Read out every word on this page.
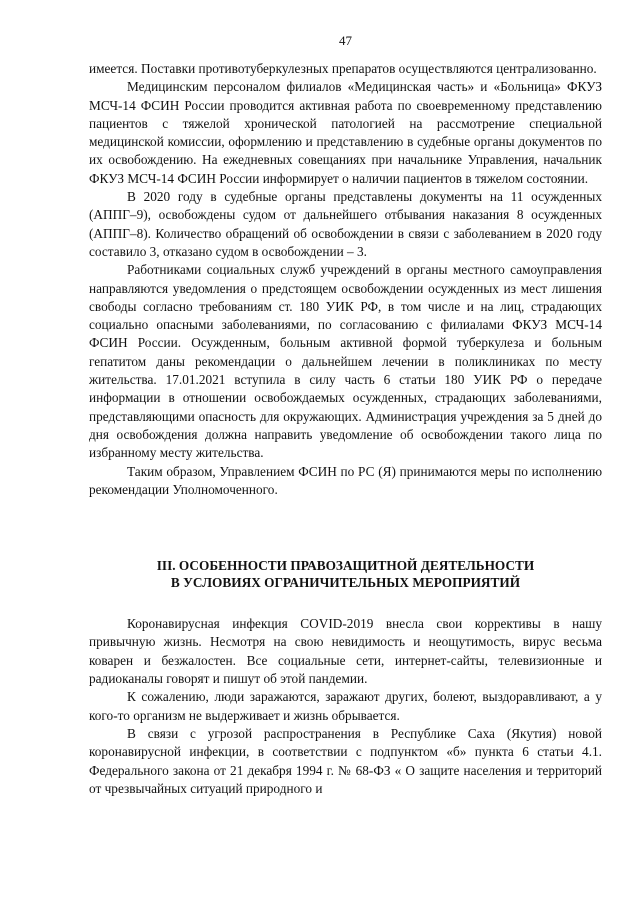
47

имеется. Поставки противотуберкулезных препаратов осуществляются централизованно.

Медицинским персоналом филиалов «Медицинская часть» и «Больница» ФКУЗ МСЧ-14 ФСИН России проводится активная работа по своевременному представлению пациентов с тяжелой хронической патологией на рассмотрение специальной медицинской комиссии, оформлению и представлению в судебные органы документов по их освобождению. На ежедневных совещаниях при начальнике Управления, начальник ФКУЗ МСЧ-14 ФСИН России информирует о наличии пациентов в тяжелом состоянии.

В 2020 году в судебные органы представлены документы на 11 осужденных (АППГ–9), освобождены судом от дальнейшего отбывания наказания 8 осужденных (АППГ–8). Количество обращений об освобождении в связи с заболеванием в 2020 году составило 3, отказано судом в освобождении – 3.

Работниками социальных служб учреждений в органы местного самоуправления направляются уведомления о предстоящем освобождении осужденных из мест лишения свободы согласно требованиям ст. 180 УИК РФ, в том числе и на лиц, страдающих социально опасными заболеваниями, по согласованию с филиалами ФКУЗ МСЧ-14 ФСИН России. Осужденным, больным активной формой туберкулеза и больным гепатитом даны рекомендации о дальнейшем лечении в поликлиниках по месту жительства. 17.01.2021 вступила в силу часть 6 статьи 180 УИК РФ о передаче информации в отношении освобождаемых осужденных, страдающих заболеваниями, представляющими опасность для окружающих. Администрация учреждения за 5 дней до дня освобождения должна направить уведомление об освобождении такого лица по избранному месту жительства.

Таким образом, Управлением ФСИН по РС (Я) принимаются меры по исполнению рекомендации Уполномоченного.

III. ОСОБЕННОСТИ ПРАВОЗАЩИТНОЙ ДЕЯТЕЛЬНОСТИ
В УСЛОВИЯХ ОГРАНИЧИТЕЛЬНЫХ МЕРОПРИЯТИЙ

Коронавирусная инфекция COVID-2019 внесла свои коррективы в нашу привычную жизнь. Несмотря на свою невидимость и неощутимость, вирус весьма коварен и безжалостен. Все социальные сети, интернет-сайты, телевизионные и радиоканалы говорят и пишут об этой пандемии.

К сожалению, люди заражаются, заражают других, болеют, выздоравливают, а у кого-то организм не выдерживает и жизнь обрывается.

В связи с угрозой распространения в Республике Саха (Якутия) новой коронавирусной инфекции, в соответствии с подпунктом «б» пункта 6 статьи 4.1. Федерального закона от 21 декабря 1994 г. № 68-ФЗ « О защите населения и территорий от чрезвычайных ситуаций природного и
